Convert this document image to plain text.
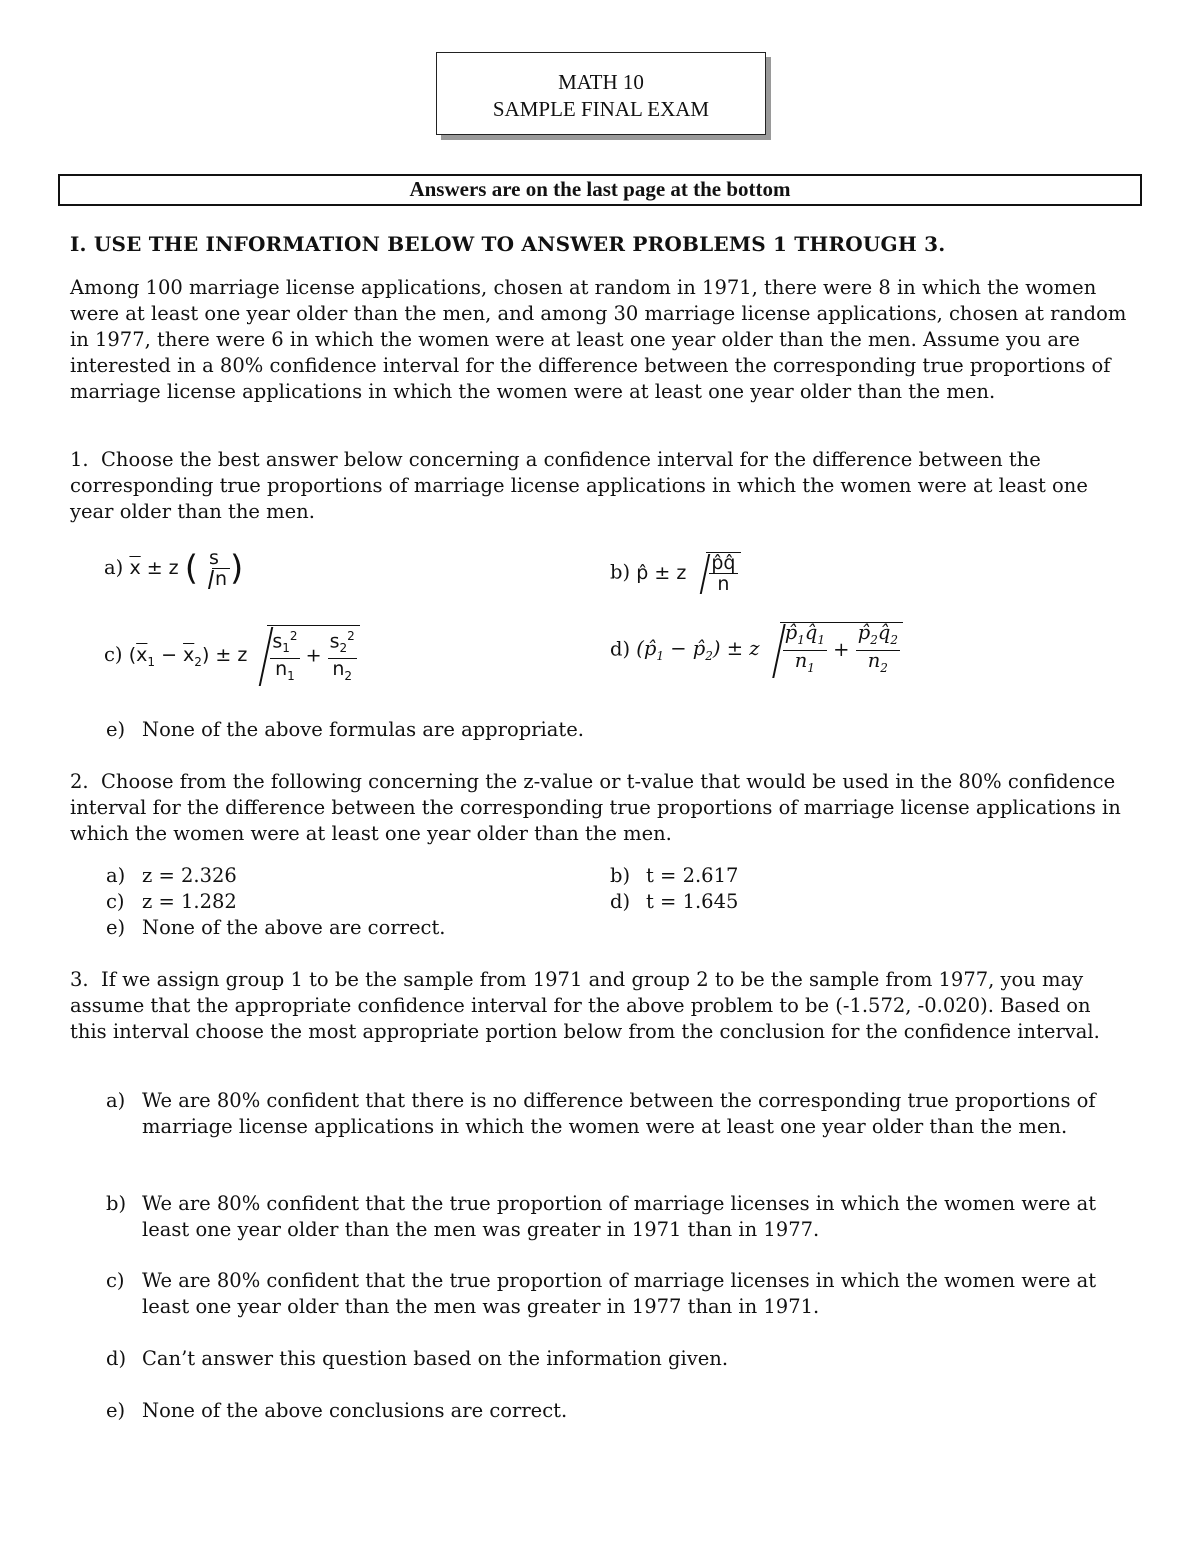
MATH 10
SAMPLE FINAL EXAM
Answers are on the last page at the bottom
I. USE THE INFORMATION BELOW TO ANSWER PROBLEMS 1 THROUGH 3.
Among 100 marriage license applications, chosen at random in 1971, there were 8 in which the women were at least one year older than the men, and among 30 marriage license applications, chosen at random in 1977, there were 6 in which the women were at least one year older than the men. Assume you are interested in a 80% confidence interval for the difference between the corresponding true proportions of marriage license applications in which the women were at least one year older than the men.
1. Choose the best answer below concerning a confidence interval for the difference between the corresponding true proportions of marriage license applications in which the women were at least one year older than the men.
a) $\overline{x} \pm z$ ( s
n )	b) p̂ ± z $\frac{p̂q̂}{n}$
c) $(\overline{x}_1 - \overline{x}_2) \pm z \frac{s_1^2}{n_1} + \frac{s_2^2}{n_2}$	d) ($p̂_1$ − $p̂_2) \pm z \frac{p̂_1q̂_1}{n_1} + \frac{p̂_2q̂_2}{n_2}$
e) None of the above formulas are appropriate.
2. Choose from the following concerning the z-value or t-value that would be used in the 80% confidence interval for the difference between the corresponding true proportions of marriage license applications in which the women were at least one year older than the men.
a) z = 2.326	b) t = 2.617
c) z = 1.282	d) t = 1.645
e) None of the above are correct.
3. If we assign group 1 to be the sample from 1971 and group 2 to be the sample from 1977, you may assume that the appropriate confidence interval for the above problem to be (-1.572, -0.020). Based on this interval choose the most appropriate portion below from the conclusion for the confidence interval.
a) We are 80% confident that there is no difference between the corresponding true proportions of marriage license applications in which the women were at least one year older than the men.
b) We are 80% confident that the true proportion of marriage licenses in which the women were at least one year older than the men was greater in 1971 than in 1977.
c) We are 80% confident that the true proportion of marriage licenses in which the women were at least one year older than the men was greater in 1977 than in 1971.
d) Can’t answer this question based on the information given.
e) None of the above conclusions are correct.
